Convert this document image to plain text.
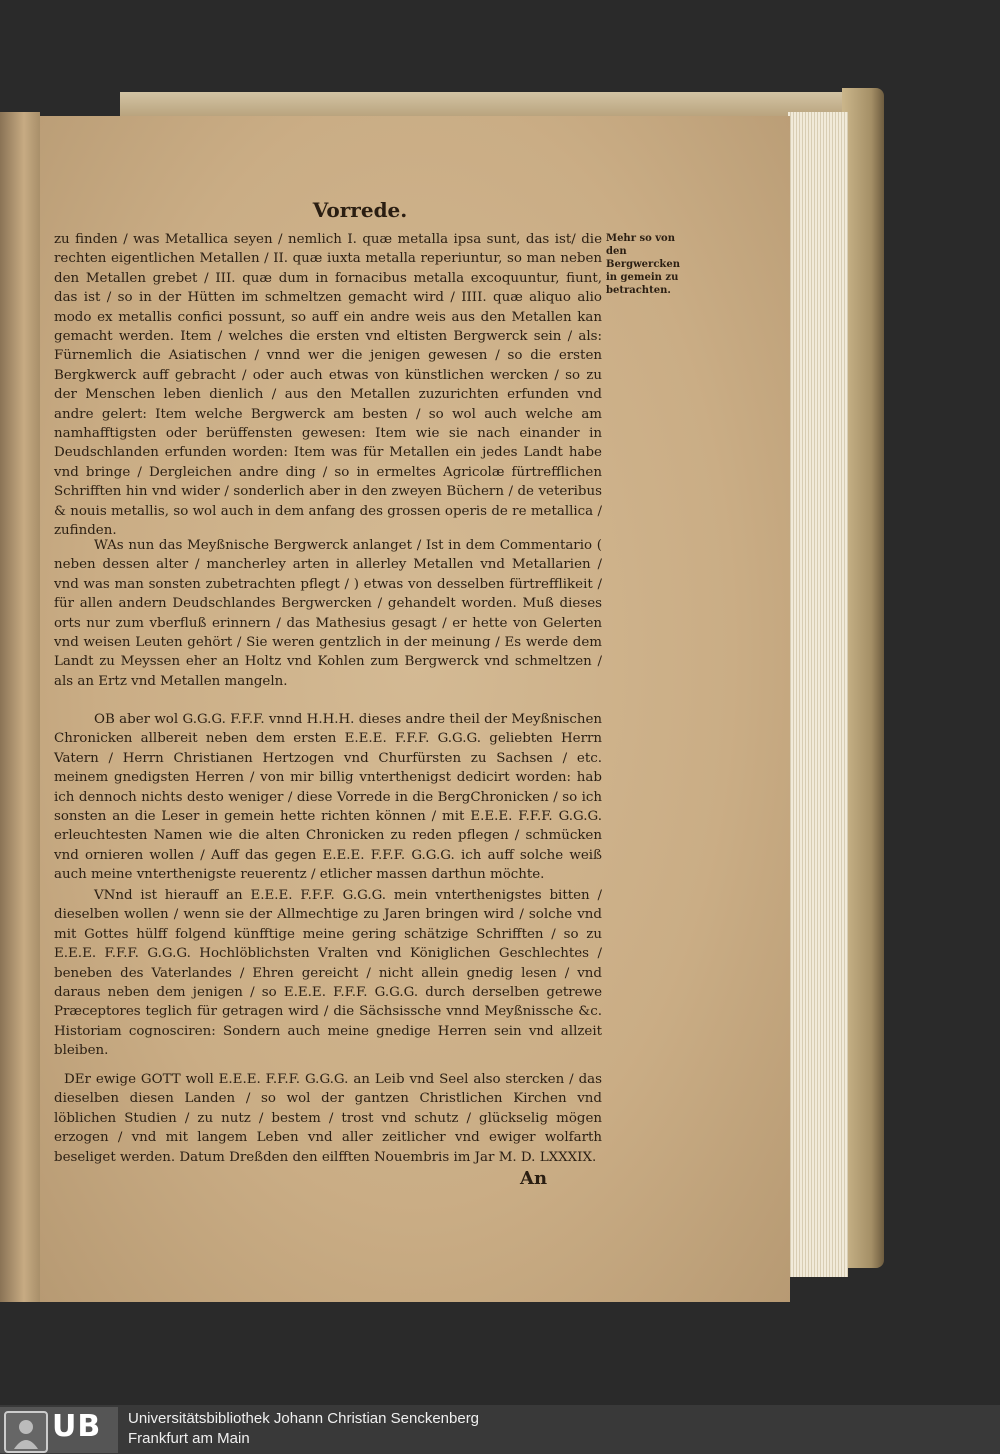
Vorrede.
zu finden / was Metallica seyen / nemlich I. quæ metalla ipsa sunt, das ist/ die rechten eigentlichen Metallen / II. quæ iuxta metalla reperiuntur, so man neben den Metallen grebet / III. quæ dum in fornacibus metalla excoquuntur, fiunt, das ist / so in der Hütten im schmeltzen gemacht wird / IIII. quæ aliquo alio modo ex metallis confici possunt, so auff ein andre weis aus den Metallen kan gemacht werden. Item / welches die ersten vnd eltisten Bergwerck sein / als: Fürnemlich die Asiatischen / vnnd wer die jenigen gewesen / so die ersten Bergkwerck auff gebracht / oder auch etwas von künstlichen wercken / so zu der Menschen leben dienlich / aus den Metallen zuzurichten erfunden vnd andre gelert: Item welche Bergwerck am besten / so wol auch welche am namhafftigsten oder berüffensten gewesen: Item wie sie nach einander in Deudschlanden erfunden worden: Item was für Metallen ein jedes Landt habe vnd bringe / Dergleichen andre ding / so in ermeltes Agricolæ fürtrefflichen Schrifften hin vnd wider / sonderlich aber in den zweyen Büchern / de veteribus & nouis metallis, so wol auch in dem anfang des grossen operis de re metallica / zufinden.
Mehr so von den Bergwercken in gemein zu betrachten.
WAs nun das Meyßnische Bergwerck anlanget / Ist in dem Commentario ( neben dessen alter / mancherley arten in allerley Metallen vnd Metallarien / vnd was man sonsten zubetrachten pflegt / ) etwas von desselben fürtrefflikeit / für allen andern Deudschlandes Bergwercken / gehandelt worden. Muß dieses orts nur zum vberfluß erinnern / das Mathesius gesagt / er hette von Gelerten vnd weisen Leuten gehört / Sie weren gentzlich in der meinung / Es werde dem Landt zu Meyssen eher an Holtz vnd Kohlen zum Bergwerck vnd schmeltzen / als an Ertz vnd Metallen mangeln.
OB aber wol G.G.G. F.F.F. vnnd H.H.H. dieses andre theil der Meyßnischen Chronicken allbereit neben dem ersten E.E.E. F.F.F. G.G.G. geliebten Herrn Vatern / Herrn Christianen Hertzogen vnd Churfürsten zu Sachsen / etc. meinem gnedigsten Herren / von mir billig vnterthenigst dedicirt worden: hab ich dennoch nichts desto weniger / diese Vorrede in die BergChronicken / so ich sonsten an die Leser in gemein hette richten können / mit E.E.E. F.F.F. G.G.G. erleuchtesten Namen wie die alten Chronicken zu reden pflegen / schmücken vnd ornieren wollen / Auff das gegen E.E.E. F.F.F. G.G.G. ich auff solche weiß auch meine vnterthenigste reuerentz / etlicher massen darthun möchte.
VNnd ist hierauff an E.E.E. F.F.F. G.G.G. mein vnterthenigstes bitten / dieselben wollen / wenn sie der Allmechtige zu Jaren bringen wird / solche vnd mit Gottes hülff folgend künfftige meine gering schätzige Schrifften / so zu E.E.E. F.F.F. G.G.G. Hochlöblichsten Vralten vnd Königlichen Geschlechtes / beneben des Vaterlandes / Ehren gereicht / nicht allein gnedig lesen / vnd daraus neben dem jenigen / so E.E.E. F.F.F. G.G.G. durch derselben getrewe Præceptores teglich für getragen wird / die Sächsissche vnnd Meyßnissche &c. Historiam cognosciren: Sondern auch meine gnedige Herren sein vnd allzeit bleiben.
DEr ewige GOTT woll E.E.E. F.F.F. G.G.G. an Leib vnd Seel also stercken / das dieselben diesen Landen / so wol der gantzen Christlichen Kirchen vnd löblichen Studien / zu nutz / bestem / trost vnd schutz / glückselig mögen erzogen / vnd mit langem Leben vnd aller zeitlicher vnd ewiger wolfarth beseliget werden. Datum Dreßden den eilfften Nouembris im Jar M. D. LXXXIX.
An
UB Universitätsbibliothek Johann Christian Senckenberg
Frankfurt am Main
